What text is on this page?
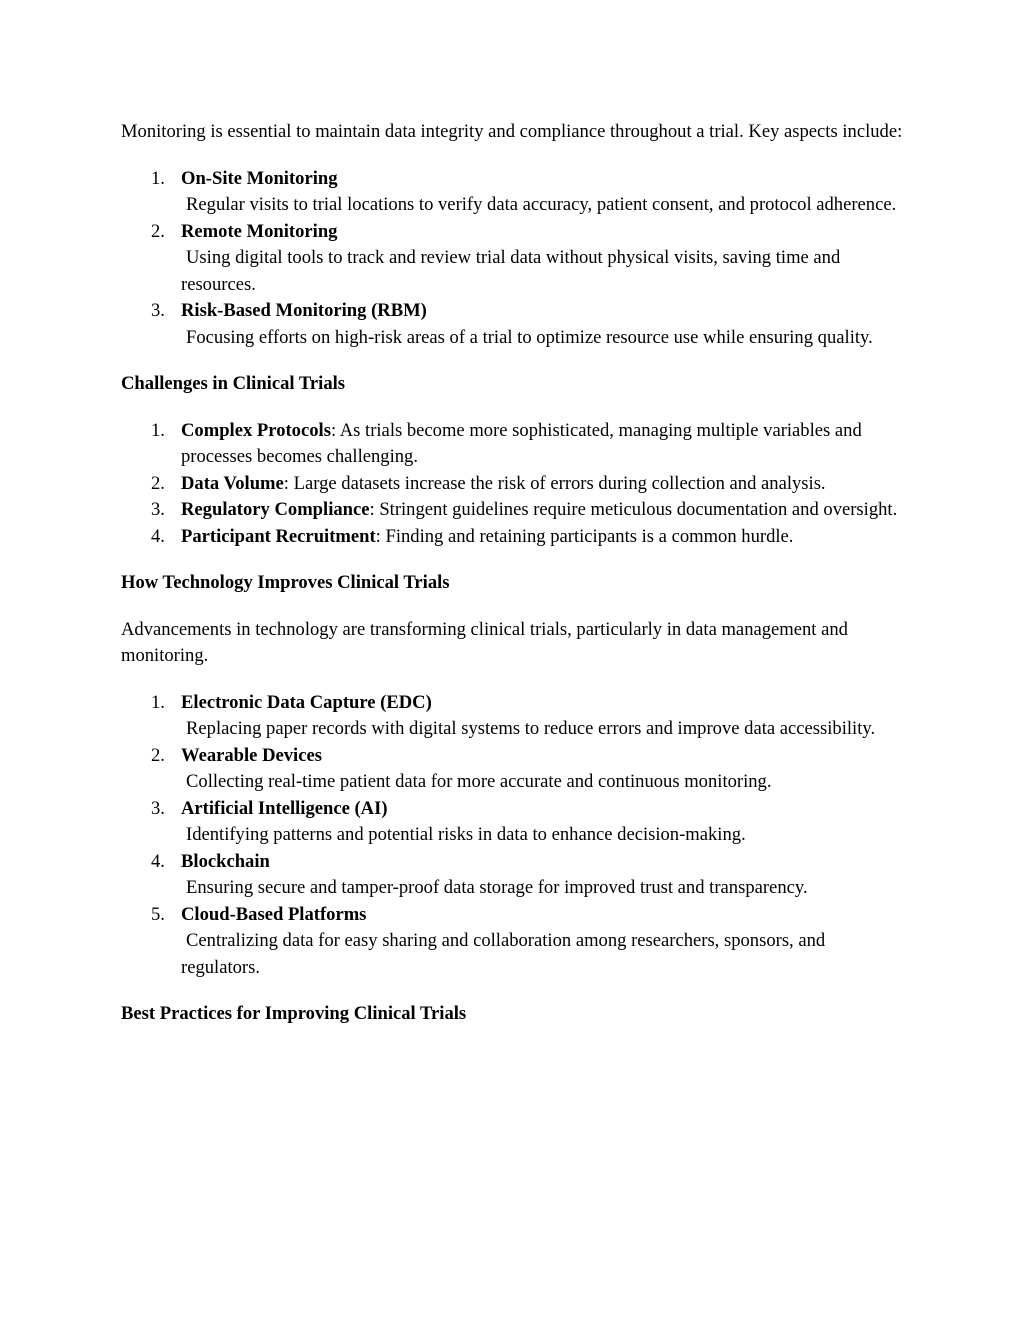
Monitoring is essential to maintain data integrity and compliance throughout a trial. Key aspects include:

1. On-Site Monitoring
Regular visits to trial locations to verify data accuracy, patient consent, and protocol adherence.
2. Remote Monitoring
Using digital tools to track and review trial data without physical visits, saving time and resources.
3. Risk-Based Monitoring (RBM)
Focusing efforts on high-risk areas of a trial to optimize resource use while ensuring quality.

Challenges in Clinical Trials

1. Complex Protocols: As trials become more sophisticated, managing multiple variables and processes becomes challenging.
2. Data Volume: Large datasets increase the risk of errors during collection and analysis.
3. Regulatory Compliance: Stringent guidelines require meticulous documentation and oversight.
4. Participant Recruitment: Finding and retaining participants is a common hurdle.

How Technology Improves Clinical Trials

Advancements in technology are transforming clinical trials, particularly in data management and monitoring.

1. Electronic Data Capture (EDC)
Replacing paper records with digital systems to reduce errors and improve data accessibility.
2. Wearable Devices
Collecting real-time patient data for more accurate and continuous monitoring.
3. Artificial Intelligence (AI)
Identifying patterns and potential risks in data to enhance decision-making.
4. Blockchain
Ensuring secure and tamper-proof data storage for improved trust and transparency.
5. Cloud-Based Platforms
Centralizing data for easy sharing and collaboration among researchers, sponsors, and regulators.

Best Practices for Improving Clinical Trials
